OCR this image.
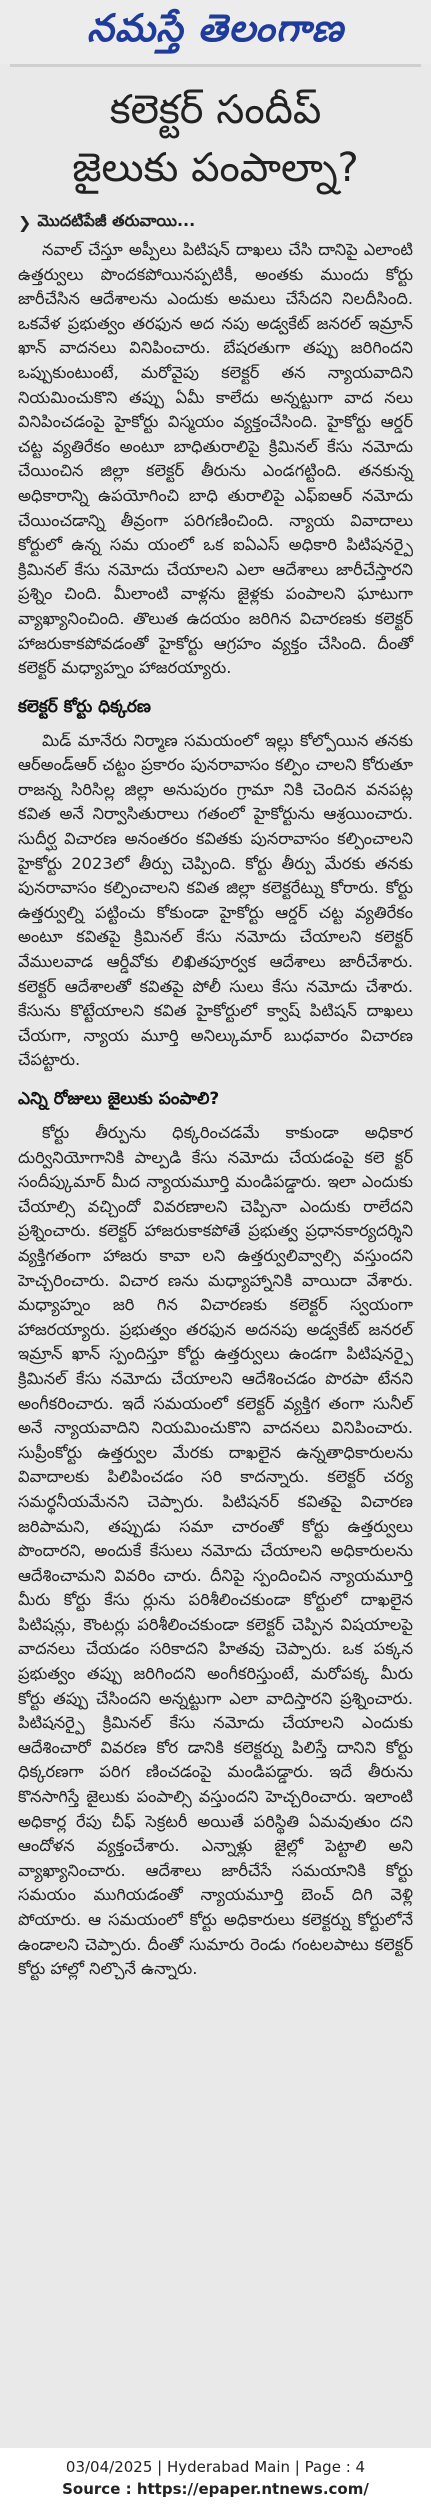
నమస్తే తెలంగాణ
కలెక్టర్ సందీప్
జైలుకు పంపాల్నా?
❯ మొదటిపేజీ తరువాయి...

నవాల్ చేస్తూ అప్పీలు పిటిషన్ దాఖలు చేసి దానిపై ఎలాంటి ఉత్తర్వులు పొందకపోయినప్పటికీ, అంతకు ముందు కోర్టు జారీచేసిన ఆదేశాలను ఎందుకు అమలు చేసేదని నిలదీసింది. ఒకవేళ ప్రభుత్వం తరఫున అద నపు అడ్వకేట్ జనరల్ ఇమ్రాన్ ఖాన్ వాదనలు వినిపించారు. బేషరతుగా తప్పు జరిగిందని ఒప్పుకుంటుంటే, మరోవైపు కలెక్టర్ తన న్యాయవాదిని నియమించుకొని తప్పు ఏమీ కాలేదు అన్నట్టుగా వాద నలు వినిపించడంపై హైకోర్టు విస్మయం వ్యక్తంచేసింది. హైకోర్టు ఆర్డర్ చట్ట వ్యతిరేకం అంటూ బాధితురాలిపై క్రిమినల్ కేసు నమోదు చేయించిన జిల్లా కలెక్టర్ తీరును ఎండగట్టింది. తనకున్న అధికారాన్ని ఉపయోగించి బాధి తురాలిపై ఎఫ్ఐఆర్ నమోదు చేయించడాన్ని తీవ్రంగా పరిగణించింది. న్యాయ వివాదాలు కోర్టులో ఉన్న సమ యంలో ఒక ఐఏఎస్ అధికారి పిటిషనర్పై క్రిమినల్ కేసు నమోదు చేయాలని ఎలా ఆదేశాలు జారీచేస్తారని ప్రశ్నిం చింది. మీలాంటి వాళ్లను జైళ్లకు పంపాలని ఘాటుగా వ్యాఖ్యానించింది. తొలుత ఉదయం జరిగిన విచారణకు కలెక్టర్ హాజరుకాకపోవడంతో హైకోర్టు ఆగ్రహం వ్యక్తం చేసింది. దీంతో కలెక్టర్ మధ్యాహ్నం హాజరయ్యారు.

కలెక్టర్ కోర్టు ధిక్కరణ

మిడ్ మానేరు నిర్మాణ సమయంలో ఇల్లు కోల్పోయిన తనకు ఆర్అండ్ఆర్ చట్టం ప్రకారం పునరావాసం కల్పిం చాలని కోరుతూ రాజన్న సిరిసిల్ల జిల్లా అనుపురం గ్రామా నికి చెందిన వనపట్ల కవిత అనే నిర్వాసితురాలు గతంలో హైకోర్టును ఆశ్రయించారు. సుదీర్ఘ విచారణ అనంతరం కవితకు పునరావాసం కల్పించాలని హైకోర్టు 2023లో తీర్పు చెప్పింది. కోర్టు తీర్పు మేరకు తనకు పునరావాసం కల్పించాలని కవిత జిల్లా కలెక్టరేట్ను కోరారు. కోర్టు ఉత్తర్వుల్ని పట్టించు కోకుండా హైకోర్టు ఆర్డర్ చట్ట వ్యతిరేకం అంటూ కవితపై క్రిమినల్ కేసు నమోదు చేయాలని కలెక్టర్ వేములవాడ ఆర్డీవోకు లిఖితపూర్వక ఆదేశాలు జారీచేశారు. కలెక్టర్ ఆదేశాలతో కవితపై పోలీ సులు కేసు నమోదు చేశారు. కేసును కొట్టేయాలని కవిత హైకోర్టులో క్వాష్ పిటిషన్ దాఖలు చేయగా, న్యాయ మూర్తి అనిల్కుమార్ బుధవారం విచారణ చేపట్టారు.

ఎన్ని రోజులు జైలుకు పంపాలి?

కోర్టు తీర్పును ధిక్కరించడమే కాకుండా అధికార దుర్వినియోగానికి పాల్పడి కేసు నమోదు చేయడంపై కలె క్టర్ సందీప్కుమార్ మీద న్యాయమూర్తి మండిపడ్డారు. ఇలా ఎందుకు చేయాల్సి వచ్చిందో వివరణాలని చెప్పినా ఎందుకు రాలేదని ప్రశ్నించారు. కలెక్టర్ హాజరుకాకపోతే ప్రభుత్వ ప్రధానకార్యదర్శిని వ్యక్తిగతంగా హాజరు కావా లని ఉత్తర్వులివ్వాల్సి వస్తుందని హెచ్చరించారు. విచార ణను మధ్యాహ్నానికి వాయిదా వేశారు. మధ్యాహ్నం జరి గిన విచారణకు కలెక్టర్ స్వయంగా హాజరయ్యారు. ప్రభుత్వం తరఫున అదనపు అడ్వకేట్ జనరల్ ఇమ్రాన్ ఖాన్ స్పందిస్తూ కోర్టు ఉత్తర్వులు ఉండగా పిటిషనర్పై క్రిమినల్ కేసు నమోదు చేయాలని ఆదేశించడం పొరపా టేనని అంగీకరించారు. ఇదే సమయంలో కలెక్టర్ వ్యక్తిగ తంగా సునీల్ అనే న్యాయవాదిని నియమించుకొని వాదనలు వినిపించారు. సుప్రీంకోర్టు ఉత్తర్వుల మేరకు దాఖలైన ఉన్నతాధికారులను వివాదాలకు పిలిపించడం సరి కాదన్నారు. కలెక్టర్ చర్య సమర్థనీయమేనని చెప్పారు. పిటిషనర్ కవితపై విచారణ జరిపామని, తప్పుడు సమా చారంతో కోర్టు ఉత్తర్వులు పొందారని, అందుకే కేసులు నమోదు చేయాలని అధికారులను ఆదేశించామని వివరిం చారు. దీనిపై స్పందించిన న్యాయమూర్తి మీరు కోర్టు కేసు ర్లును పరిశీలించకుండా కోర్టులో దాఖలైన పిటిషన్లు, కౌంటర్లు పరిశీలించకుండా కలెక్టర్ చెప్పిన విషయాలపై వాదనలు చేయడం సరికాదని హితవు చెప్పారు. ఒక పక్కన ప్రభుత్వం తప్పు జరిగిందని అంగీకరిస్తుంటే, మరోపక్క మీరు కోర్టు తప్పు చేసిందని అన్నట్టుగా ఎలా వాదిస్తారని ప్రశ్నించారు. పిటిషనర్పై క్రిమినల్ కేసు నమోదు చేయాలని ఎందుకు ఆదేశించారో వివరణ కోర డానికి కలెక్టర్ను పిలిస్తే దానిని కోర్టు ధిక్కరణగా పరిగ ణించడంపై మండిపడ్డారు. ఇదే తీరును కొనసాగిస్తే జైలుకు పంపాల్సి వస్తుందని హెచ్చరించారు. ఇలాంటి అధికార్ల రేపు చీఫ్ సెక్రటరీ అయితే పరిస్థితి ఏమవుతుం దని ఆందోళన వ్యక్తంచేశారు. ఎన్నాళ్లు జైల్లో పెట్టాలి అని వ్యాఖ్యానించారు. ఆదేశాలు జారీచేసే సమయానికి కోర్టు సమయం ముగియడంతో న్యాయమూర్తి బెంచ్ దిగి వెళ్లి పోయారు. ఆ సమయంలో కోర్టు అధికారులు కలెక్టర్ను కోర్టులోనే ఉండాలని చెప్పారు. దీంతో సుమారు రెండు గంటలపాటు కలెక్టర్ కోర్టు హాల్లో నిల్చొనే ఉన్నారు.

03/04/2025 | Hyderabad Main | Page : 4
Source : https://epaper.ntnews.com/
